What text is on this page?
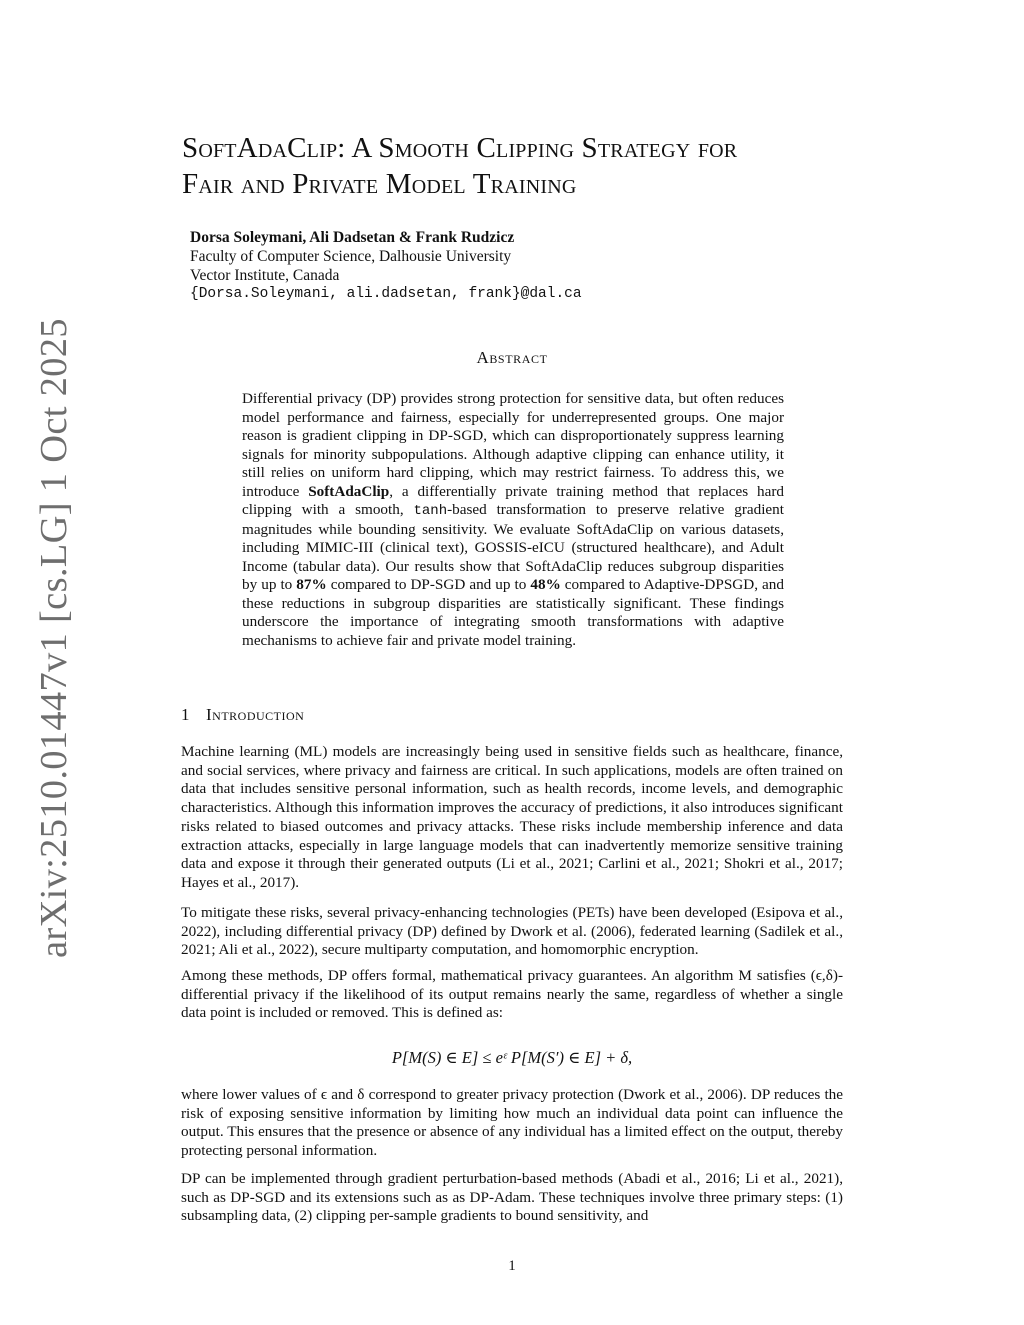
arXiv:2510.01447v1 [cs.LG] 1 Oct 2025
SoftAdaClip: A Smooth Clipping Strategy for
Fair and Private Model Training
Dorsa Soleymani, Ali Dadsetan & Frank Rudzicz
Faculty of Computer Science, Dalhousie University
Vector Institute, Canada
{Dorsa.Soleymani, ali.dadsetan, frank}@dal.ca
Abstract

Differential privacy (DP) provides strong protection for sensitive data, but often reduces model performance and fairness, especially for underrepresented groups. One major reason is gradient clipping in DP-SGD, which can disproportionately suppress learning signals for minority subpopulations. Although adaptive clipping can enhance utility, it still relies on uniform hard clipping, which may restrict fairness. To address this, we introduce SoftAdaClip, a differentially private training method that replaces hard clipping with a smooth, tanh-based transformation to preserve relative gradient magnitudes while bounding sensitivity. We evaluate SoftAdaClip on various datasets, including MIMIC-III (clinical text), GOSSIS-eICU (structured healthcare), and Adult Income (tabular data). Our results show that SoftAdaClip reduces subgroup disparities by up to 87% compared to DP-SGD and up to 48% compared to Adaptive-DPSGD, and these reductions in subgroup disparities are statistically significant. These findings underscore the importance of integrating smooth transformations with adaptive mechanisms to achieve fair and private model training.

1 Introduction

Machine learning (ML) models are increasingly being used in sensitive fields such as healthcare, finance, and social services, where privacy and fairness are critical. In such applications, models are often trained on data that includes sensitive personal information, such as health records, income levels, and demographic characteristics. Although this information improves the accuracy of predictions, it also introduces significant risks related to biased outcomes and privacy attacks. These risks include membership inference and data extraction attacks, especially in large language models that can inadvertently memorize sensitive training data and expose it through their generated outputs (Li et al., 2021; Carlini et al., 2021; Shokri et al., 2017; Hayes et al., 2017).

To mitigate these risks, several privacy-enhancing technologies (PETs) have been developed (Esipova et al., 2022), including differential privacy (DP) defined by Dwork et al. (2006), federated learning (Sadilek et al., 2021; Ali et al., 2022), secure multiparty computation, and homomorphic encryption.

Among these methods, DP offers formal, mathematical privacy guarantees. An algorithm M satisfies (ϵ,δ)-differential privacy if the likelihood of its output remains nearly the same, regardless of whether a single data point is included or removed. This is defined as:

P[M(S) ∈ E] ≤ eᵋ P[M(S′) ∈ E] + δ,

where lower values of ϵ and δ correspond to greater privacy protection (Dwork et al., 2006). DP reduces the risk of exposing sensitive information by limiting how much an individual data point can influence the output. This ensures that the presence or absence of any individual has a limited effect on the output, thereby protecting personal information.

DP can be implemented through gradient perturbation-based methods (Abadi et al., 2016; Li et al., 2021), such as DP-SGD and its extensions such as as DP-Adam. These techniques involve three primary steps: (1) subsampling data, (2) clipping per-sample gradients to bound sensitivity, and

1
